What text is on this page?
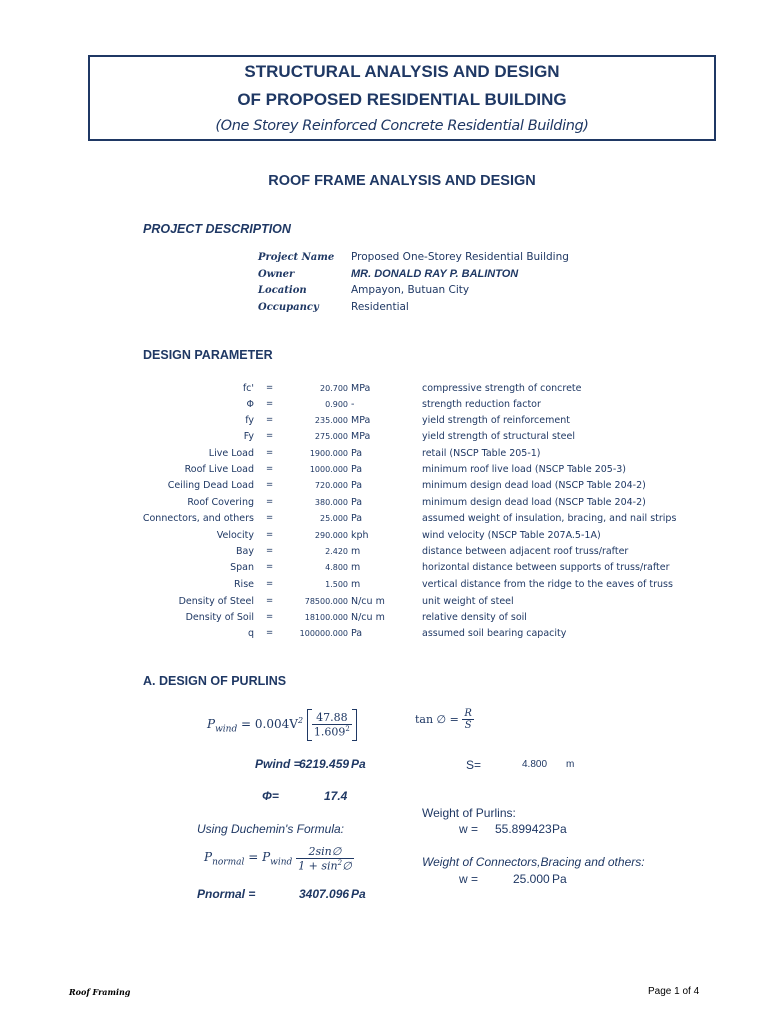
STRUCTURAL ANALYSIS AND DESIGN
OF PROPOSED RESIDENTIAL BUILDING
(One Storey Reinforced Concrete Residential Building)
ROOF FRAME ANALYSIS AND DESIGN
PROJECT DESCRIPTION
Project Name Proposed One-Storey Residential Building
Owner	MR. DONALD RAY P. BALINTON
Location	Ampayon, Butuan City
Occupancy	Residential
DESIGN PARAMETER
fc' =	20.700 MPa	compressive strength of concrete
Φ =	0.900 -	strength reduction factor
fy =	235.000 MPa	yield strength of reinforcement
Fy =	275.000 MPa	yield strength of structural steel
Live Load =	1900.000 Pa	retail (NSCP Table 205-1)
Roof Live Load =	1000.000 Pa	minimum roof live load (NSCP Table 205-3)
Ceiling Dead Load =	720.000 Pa	minimum design dead load (NSCP Table 204-2)
Roof Covering =	380.000 Pa	minimum design dead load (NSCP Table 204-2)
Connectors, and others =	25.000 Pa	assumed weight of insulation, bracing, and nail strips
Velocity =	290.000 kph	wind velocity (NSCP Table 207A.5-1A)
Bay =	2.420 m	distance between adjacent roof truss/rafter
Span =	4.800 m	horizontal distance between supports of truss/rafter
Rise =	1.500 m	vertical distance from the ridge to the eaves of truss
Density of Steel =	78500.000 N/cu m	unit weight of steel
Density of Soil =	18100.000 N/cu m	relative density of soil
q =	100000.000 Pa	assumed soil bearing capacity
A. DESIGN OF PURLINS
$P_{wind} = 0.004V^2 \frac{47.88}{1.609^2}$	tan ∅ = $\frac{R}{S}$
Pwind =
6219.459 Pa	S=	4.800 m
Φ=	17.4
Weight of Purlins:
w = 55.899423 Pa
Using Duchemin's Formula:
$P_{normal} = P_{wind} \frac{2\sin\emptyset}{1 + \sin^2\emptyset}$	Weight of Connectors,Bracing and others:
w =	25.000 Pa
Pnormal =	3407.096 Pa
Roof Framing	Page 1 of 4
